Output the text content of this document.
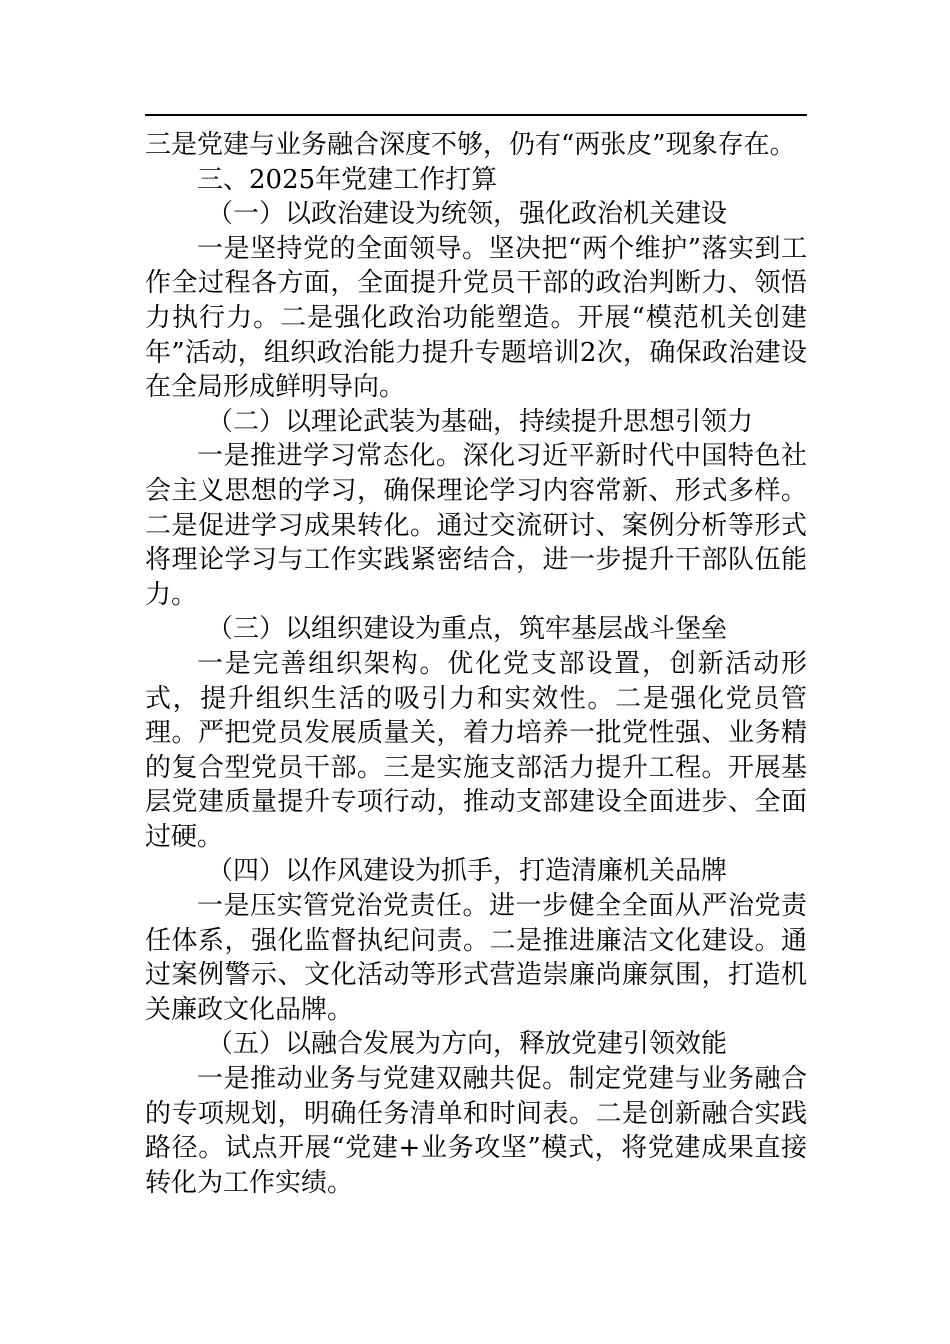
三是党建与业务融合深度不够，仍有“两张皮”现象存在。

三、2025年党建工作打算

（一）以政治建设为统领，强化政治机关建设

一是坚持党的全面领导。坚决把“两个维护”落实到工作全过程各方面，全面提升党员干部的政治判断力、领悟力执行力。二是强化政治功能塑造。开展“模范机关创建年”活动，组织政治能力提升专题培训2次，确保政治建设在全局形成鲜明导向。

（二）以理论武装为基础，持续提升思想引领力

一是推进学习常态化。深化习近平新时代中国特色社会主义思想的学习，确保理论学习内容常新、形式多样。二是促进学习成果转化。通过交流研讨、案例分析等形式将理论学习与工作实践紧密结合，进一步提升干部队伍能力。

（三）以组织建设为重点，筑牢基层战斗堡垒

一是完善组织架构。优化党支部设置，创新活动形式，提升组织生活的吸引力和实效性。二是强化党员管理。严把党员发展质量关，着力培养一批党性强、业务精的复合型党员干部。三是实施支部活力提升工程。开展基层党建质量提升专项行动，推动支部建设全面进步、全面过硬。

（四）以作风建设为抓手，打造清廉机关品牌

一是压实管党治党责任。进一步健全全面从严治党责任体系，强化监督执纪问责。二是推进廉洁文化建设。通过案例警示、文化活动等形式营造崇廉尚廉氛围，打造机关廉政文化品牌。

（五）以融合发展为方向，释放党建引领效能

一是推动业务与党建双融共促。制定党建与业务融合的专项规划，明确任务清单和时间表。二是创新融合实践路径。试点开展“党建+业务攻坚”模式，将党建成果直接转化为工作实绩。
